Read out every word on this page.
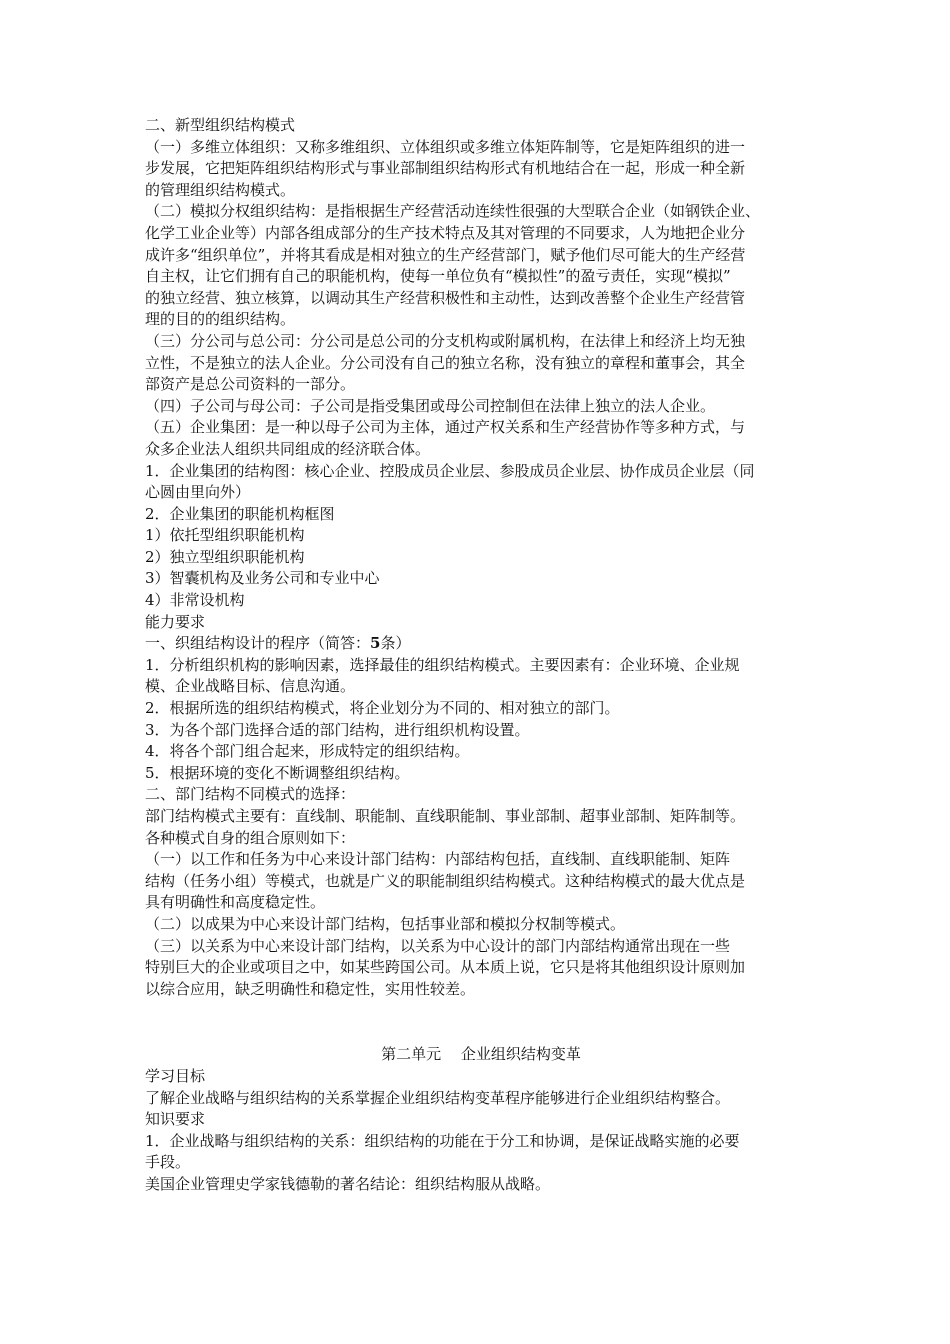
二、新型组织结构模式
（一）多维立体组织：又称多维组织、立体组织或多维立体矩阵制等，它是矩阵组织的进一
步发展，它把矩阵组织结构形式与事业部制组织结构形式有机地结合在一起，形成一种全新
的管理组织结构模式。
（二）模拟分权组织结构：是指根据生产经营活动连续性很强的大型联合企业（如钢铁企业、
化学工业企业等）内部各组成部分的生产技术特点及其对管理的不同要求，人为地把企业分
成许多“组织单位”，并将其看成是相对独立的生产经营部门，赋予他们尽可能大的生产经营
自主权，让它们拥有自己的职能机构，使每一单位负有“模拟性”的盈亏责任，实现“模拟”
的独立经营、独立核算，以调动其生产经营积极性和主动性，达到改善整个企业生产经营管
理的目的的组织结构。
（三）分公司与总公司：分公司是总公司的分支机构或附属机构，在法律上和经济上均无独
立性，不是独立的法人企业。分公司没有自己的独立名称，没有独立的章程和董事会，其全
部资产是总公司资料的一部分。
（四）子公司与母公司：子公司是指受集团或母公司控制但在法律上独立的法人企业。
（五）企业集团：是一种以母子公司为主体，通过产权关系和生产经营协作等多种方式，与
众多企业法人组织共同组成的经济联合体。
1．企业集团的结构图：核心企业、控股成员企业层、参股成员企业层、协作成员企业层（同
心圆由里向外）
2．企业集团的职能机构框图
1）依托型组织职能机构
2）独立型组织职能机构
3）智囊机构及业务公司和专业中心
4）非常设机构
能力要求
一、织组结构设计的程序（简答：5条）
1．分析组织机构的影响因素，选择最佳的组织结构模式。主要因素有：企业环境、企业规
模、企业战略目标、信息沟通。
2．根据所选的组织结构模式，将企业划分为不同的、相对独立的部门。
3．为各个部门选择合适的部门结构，进行组织机构设置。
4．将各个部门组合起来，形成特定的组织结构。
5．根据环境的变化不断调整组织结构。
二、部门结构不同模式的选择：
部门结构模式主要有：直线制、职能制、直线职能制、事业部制、超事业部制、矩阵制等。
各种模式自身的组合原则如下：
（一）以工作和任务为中心来设计部门结构：内部结构包括，直线制、直线职能制、矩阵
结构（任务小组）等模式，也就是广义的职能制组织结构模式。这种结构模式的最大优点是
具有明确性和高度稳定性。
（二）以成果为中心来设计部门结构，包括事业部和模拟分权制等模式。
（三）以关系为中心来设计部门结构，以关系为中心设计的部门内部结构通常出现在一些
特别巨大的企业或项目之中，如某些跨国公司。从本质上说，它只是将其他组织设计原则加
以综合应用，缺乏明确性和稳定性，实用性较差。
第二单元　 企业组织结构变革
学习目标
了解企业战略与组织结构的关系掌握企业组织结构变革程序能够进行企业组织结构整合。
知识要求
1．企业战略与组织结构的关系：组织结构的功能在于分工和协调，是保证战略实施的必要
手段。
美国企业管理史学家钱德勒的著名结论：组织结构服从战略。
